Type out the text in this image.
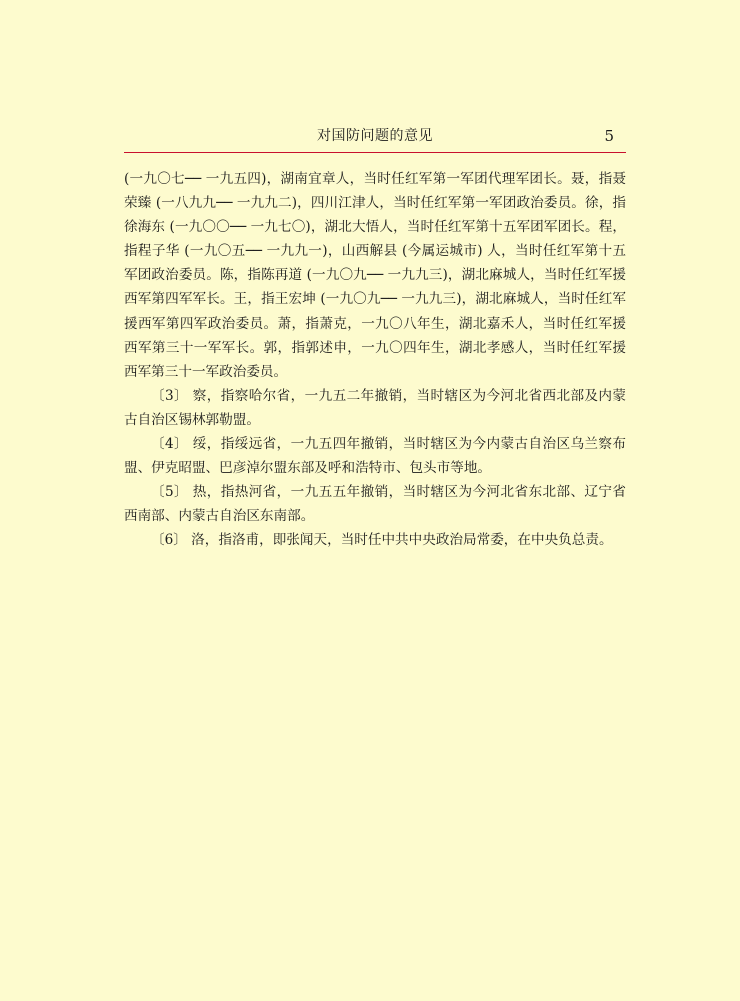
对国防问题的意见	5

(一九〇七── 一九五四)，湖南宜章人，当时任红军第一军团代理军团长。聂，指聂荣臻 (一八九九── 一九九二)，四川江津人，当时任红军第一军团政治委员。徐，指徐海东 (一九〇〇── 一九七〇)，湖北大悟人，当时任红军第十五军团军团长。程，指程子华 (一九〇五── 一九九一)，山西解县 (今属运城市) 人，当时任红军第十五军团政治委员。陈，指陈再道 (一九〇九── 一九九三)，湖北麻城人，当时任红军援西军第四军军长。王，指王宏坤 (一九〇九── 一九九三)，湖北麻城人，当时任红军援西军第四军政治委员。萧，指萧克，一九〇八年生，湖北嘉禾人，当时任红军援西军第三十一军军长。郭，指郭述申，一九〇四年生，湖北孝感人，当时任红军援西军第三十一军政治委员。

〔3〕 察，指察哈尔省，一九五二年撤销，当时辖区为今河北省西北部及内蒙古自治区锡林郭勒盟。

〔4〕 绥，指绥远省，一九五四年撤销，当时辖区为今内蒙古自治区乌兰察布盟、伊克昭盟、巴彦淖尔盟东部及呼和浩特市、包头市等地。

〔5〕 热，指热河省，一九五五年撤销，当时辖区为今河北省东北部、辽宁省西南部、内蒙古自治区东南部。

〔6〕 洛，指洛甫，即张闻天，当时任中共中央政治局常委，在中央负总责。
